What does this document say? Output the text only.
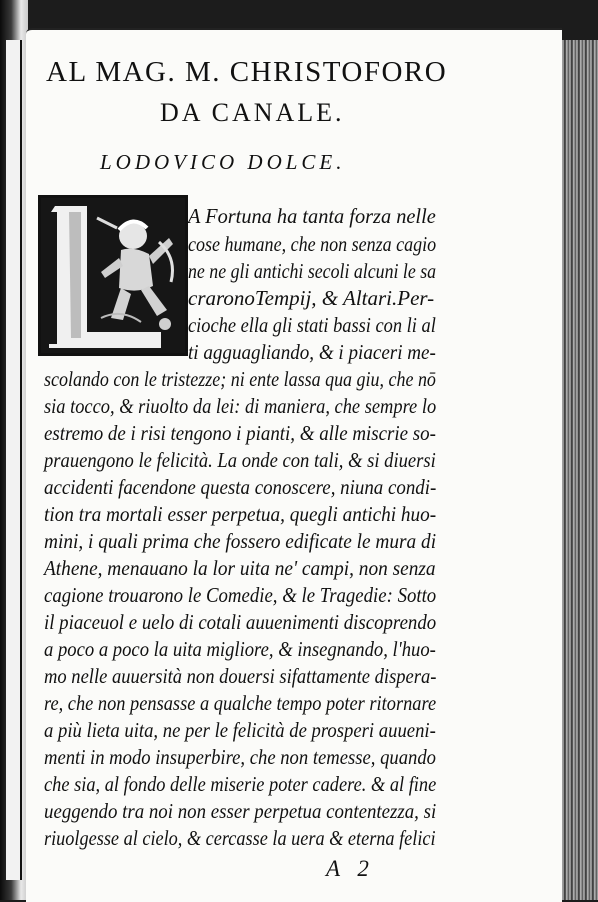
AL MAG. M. CHRISTOFORO
DA CANALE.
LODOVICO DOLCE.
A Fortuna ha tanta forza nelle
cose humane, che non senza cagio
ne ne gli antichi secoli alcuni le sa
craronoTempij, & Altari.Per-
cioche ella gli stati bassi con li al
ti agguagliando, & i piaceri me-
scolando con le tristezze; ni ente lassa qua giu, che nō
sia tocco, & riuolto da lei: di maniera, che sempre lo
estremo de i risi tengono i pianti, & alle miscrie so-
prauengono le felicità. La onde con tali, & si diuersi
accidenti facendone questa conoscere, niuna condi-
tion tra mortali esser perpetua, quegli antichi huo-
mini, i quali prima che fossero edificate le mura di
Athene, menauano la lor uita ne' campi, non senza
cagione trouarono le Comedie, & le Tragedie: Sotto
il piaceuol e uelo di cotali auuenimenti discoprendo
a poco a poco la uita migliore, & insegnando, l'huo-
mo nelle auuersità non douersi sifattamente dispera-
re, che non pensasse a qualche tempo poter ritornare
a più lieta uita, ne per le felicità de prosperi auueni-
menti in modo insuperbire, che non temesse, quando
che sia, al fondo delle miserie poter cadere. & al fine
ueggendo tra noi non esser perpetua contentezza, si
riuolgesse al cielo, & cercasse la uera & eterna felici
A 2
